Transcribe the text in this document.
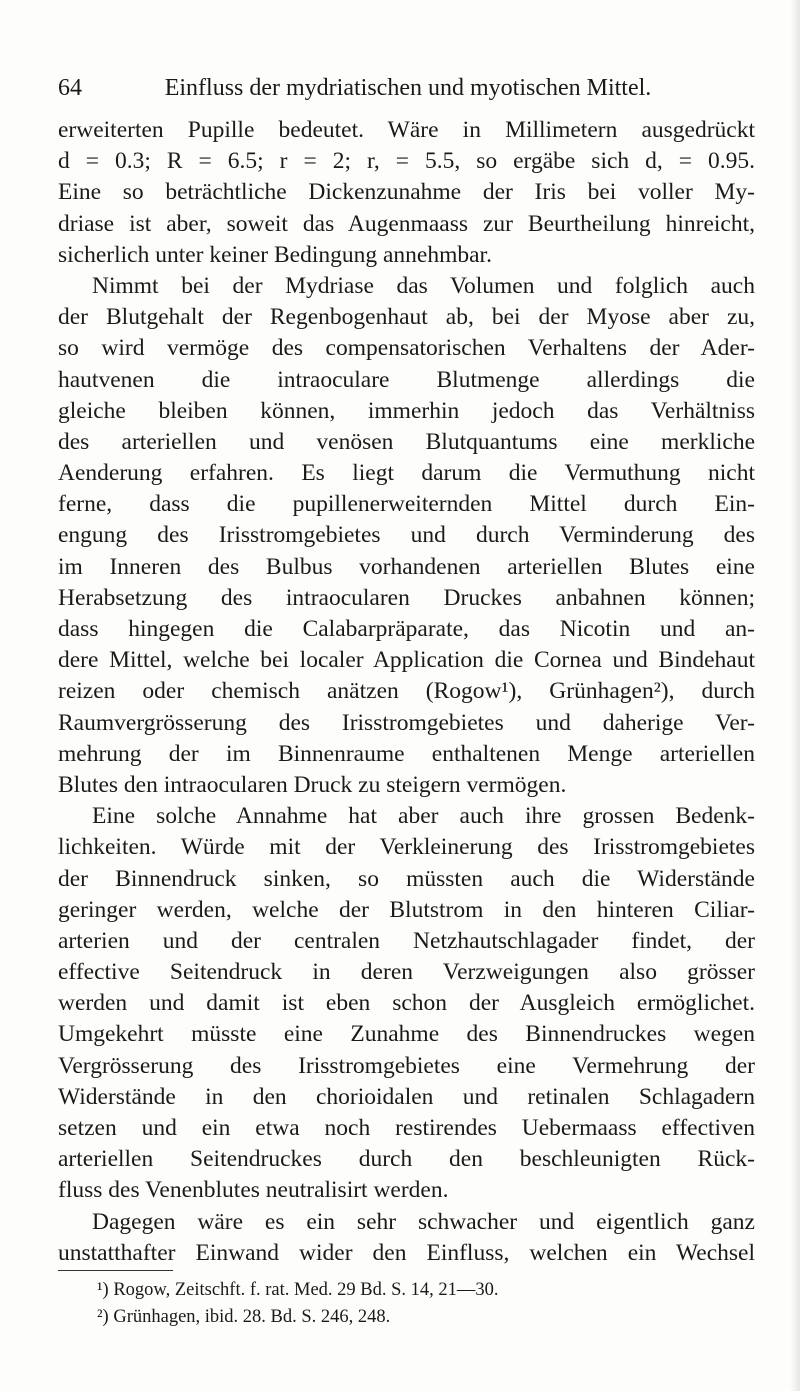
64	Einfluss der mydriatischen und myotischen Mittel.
erweiterten Pupille bedeutet. Wäre in Millimetern ausgedrückt
d = 0.3; R = 6.5; r = 2; r, = 5.5, so ergäbe sich d, = 0.95.
Eine so beträchtliche Dickenzunahme der Iris bei voller My-
driase ist aber, soweit das Augenmaass zur Beurtheilung hinreicht,
sicherlich unter keiner Bedingung annehmbar.
Nimmt bei der Mydriase das Volumen und folglich auch
der Blutgehalt der Regenbogenhaut ab, bei der Myose aber zu,
so wird vermöge des compensatorischen Verhaltens der Ader-
hautvenen die intraoculare Blutmenge allerdings die
gleiche bleiben können, immerhin jedoch das Verhältniss
des arteriellen und venösen Blutquantums eine merkliche
Aenderung erfahren. Es liegt darum die Vermuthung nicht
ferne, dass die pupillenerweiternden Mittel durch Ein-
engung des Irisstromgebietes und durch Verminderung des
im Inneren des Bulbus vorhandenen arteriellen Blutes eine
Herabsetzung des intraocularen Druckes anbahnen können;
dass hingegen die Calabarpräparate, das Nicotin und an-
dere Mittel, welche bei localer Application die Cornea und Bindehaut
reizen oder chemisch anätzen (Rogow¹), Grünhagen²), durch
Raumvergrösserung des Irisstromgebietes und daherige Ver-
mehrung der im Binnenraume enthaltenen Menge arteriellen
Blutes den intraocularen Druck zu steigern vermögen.
Eine solche Annahme hat aber auch ihre grossen Bedenk-
lichkeiten. Würde mit der Verkleinerung des Irisstromgebietes
der Binnendruck sinken, so müssten auch die Widerstände
geringer werden, welche der Blutstrom in den hinteren Ciliar-
arterien und der centralen Netzhautschlagader findet, der
effective Seitendruck in deren Verzweigungen also grösser
werden und damit ist eben schon der Ausgleich ermöglichet.
Umgekehrt müsste eine Zunahme des Binnendruckes wegen
Vergrösserung des Irisstromgebietes eine Vermehrung der
Widerstände in den chorioidalen und retinalen Schlagadern
setzen und ein etwa noch restirendes Uebermaass effectiven
arteriellen Seitendruckes durch den beschleunigten Rück-
fluss des Venenblutes neutralisirt werden.
Dagegen wäre es ein sehr schwacher und eigentlich ganz
unstatthafter Einwand wider den Einfluss, welchen ein Wechsel
¹) Rogow, Zeitschft. f. rat. Med. 29 Bd. S. 14, 21—30.
²) Grünhagen, ibid. 28. Bd. S. 246, 248.
